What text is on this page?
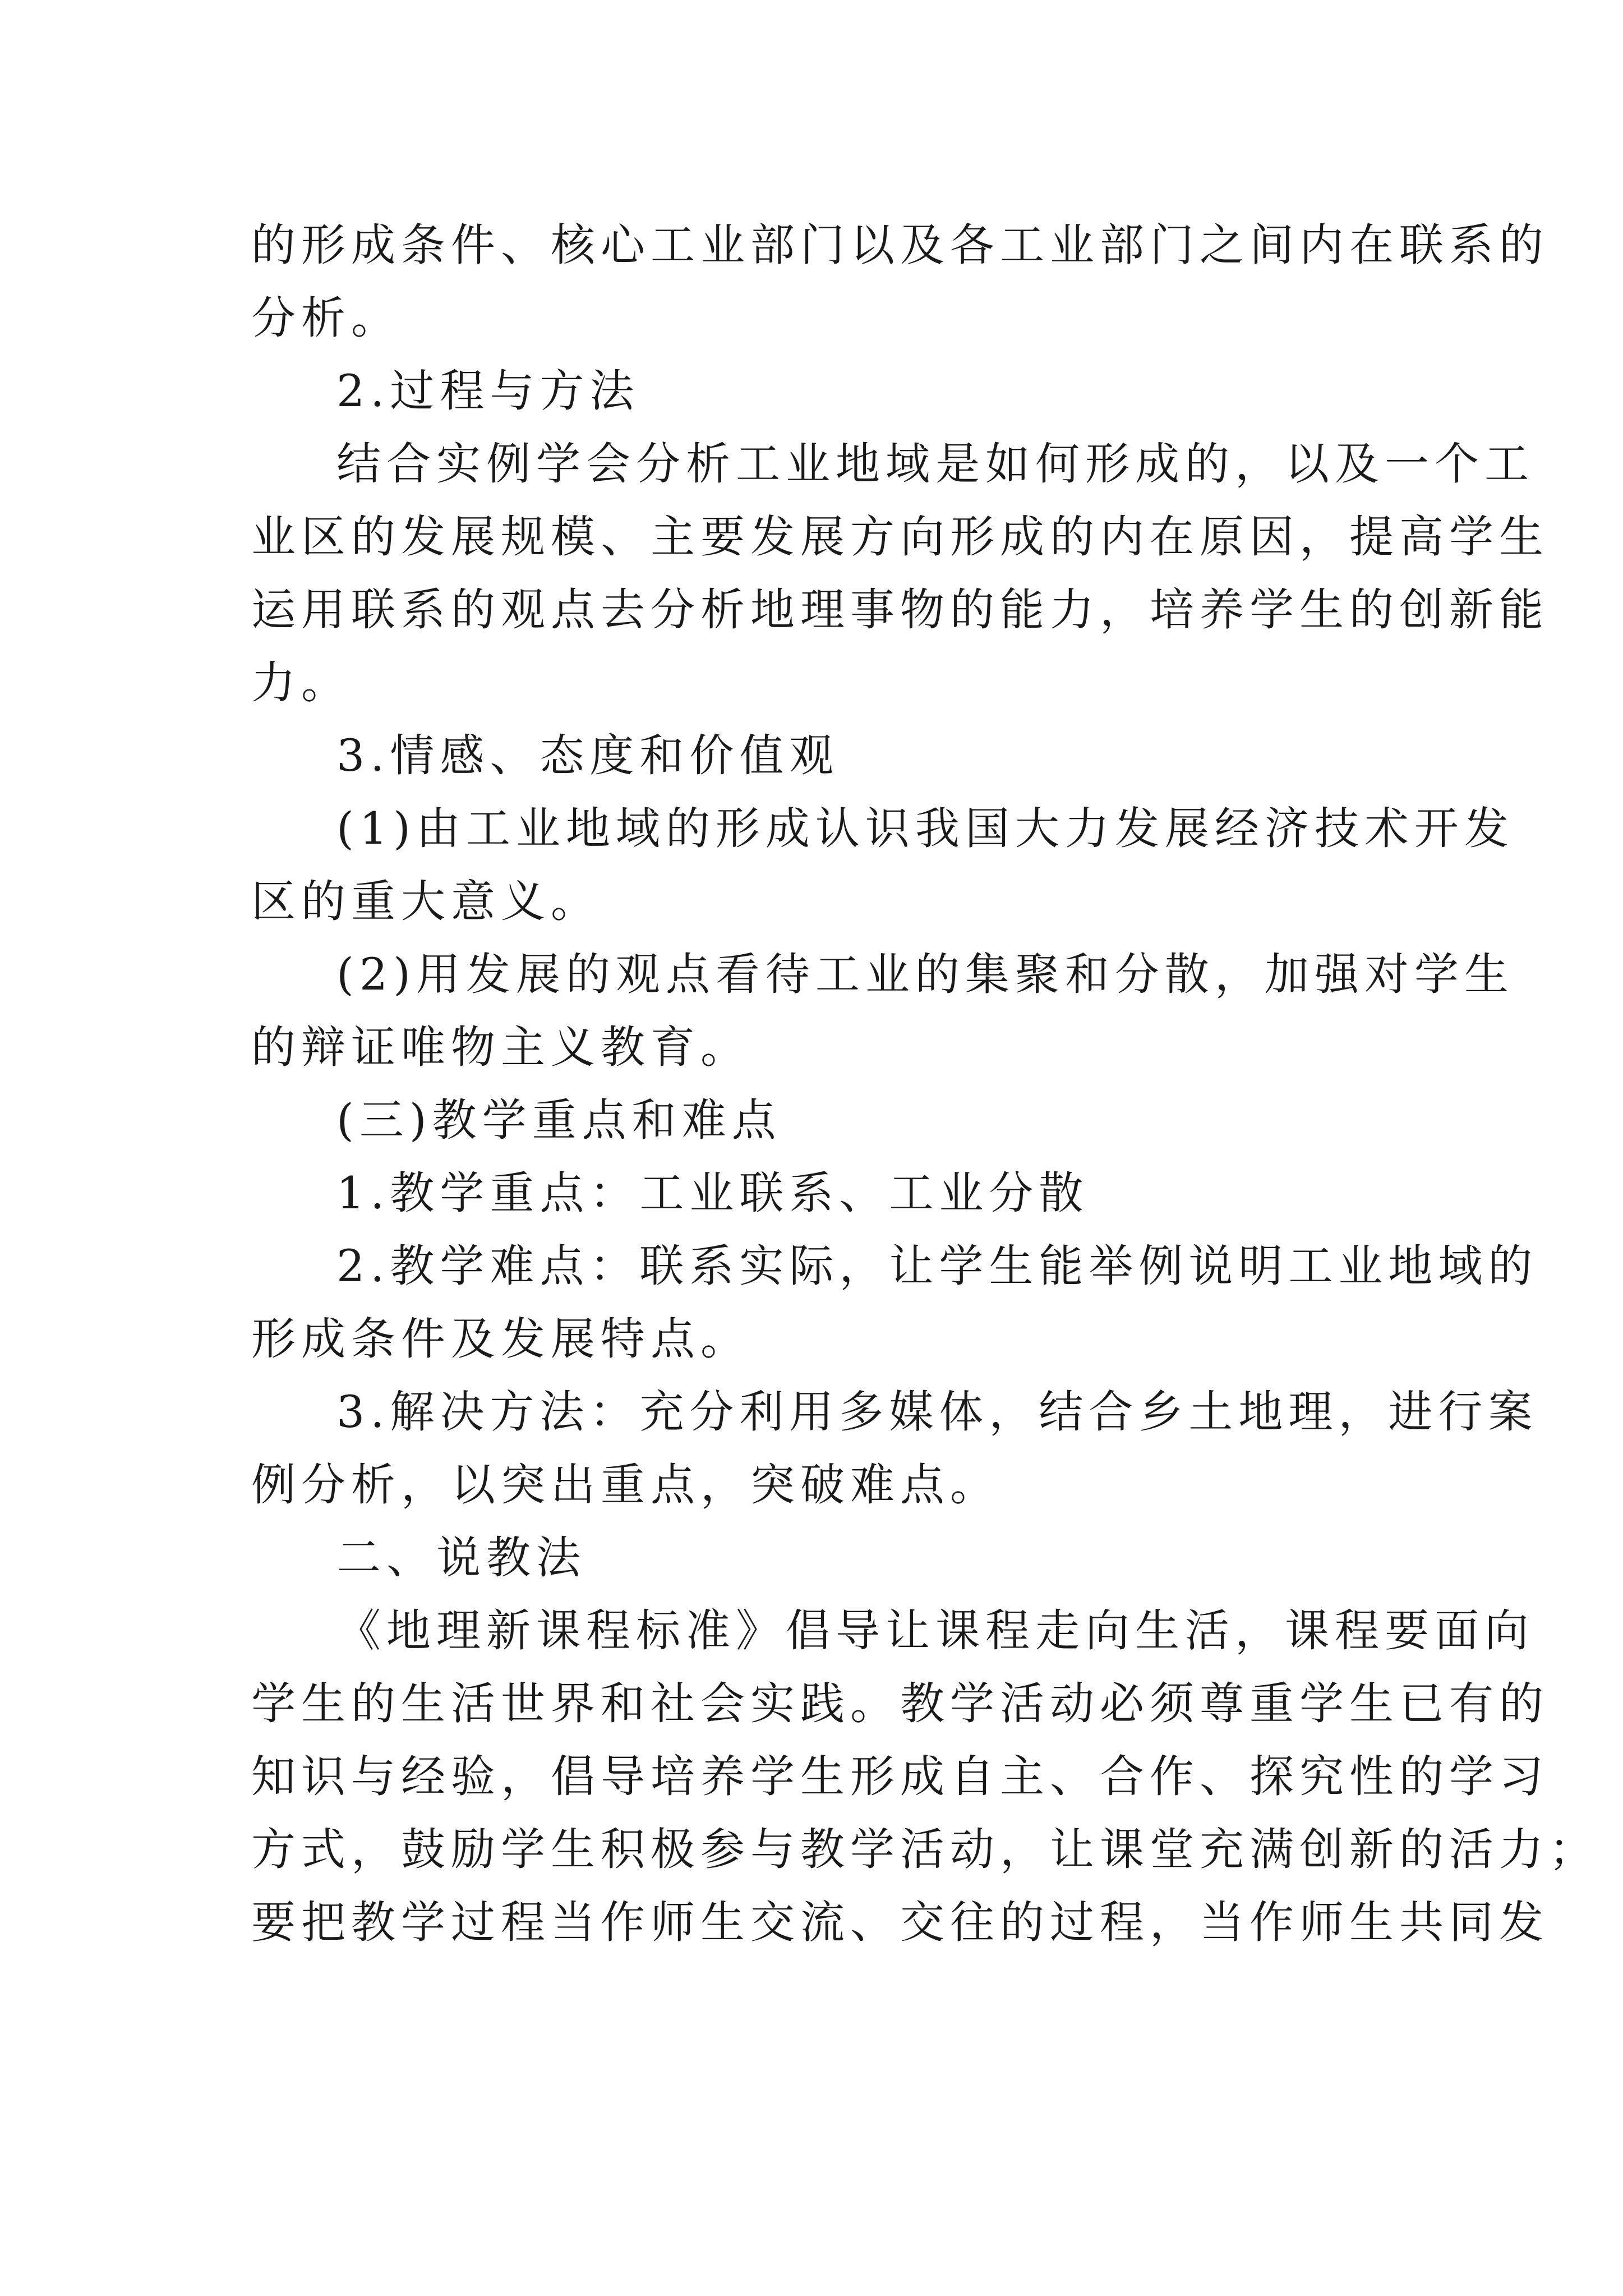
的形成条件、核心工业部门以及各工业部门之间内在联系的
分析。
2.过程与方法
结合实例学会分析工业地域是如何形成的，以及一个工
业区的发展规模、主要发展方向形成的内在原因，提高学生
运用联系的观点去分析地理事物的能力，培养学生的创新能
力。
3.情感、态度和价值观
(1)由工业地域的形成认识我国大力发展经济技术开发
区的重大意义。
(2)用发展的观点看待工业的集聚和分散，加强对学生
的辩证唯物主义教育。
(三)教学重点和难点
1.教学重点：工业联系、工业分散
2.教学难点：联系实际，让学生能举例说明工业地域的
形成条件及发展特点。
3.解决方法：充分利用多媒体，结合乡土地理，进行案
例分析，以突出重点，突破难点。
二、说教法
《地理新课程标准》倡导让课程走向生活，课程要面向
学生的生活世界和社会实践。教学活动必须尊重学生已有的
知识与经验，倡导培养学生形成自主、合作、探究性的学习
方式，鼓励学生积极参与教学活动，让课堂充满创新的活力；
要把教学过程当作师生交流、交往的过程，当作师生共同发
